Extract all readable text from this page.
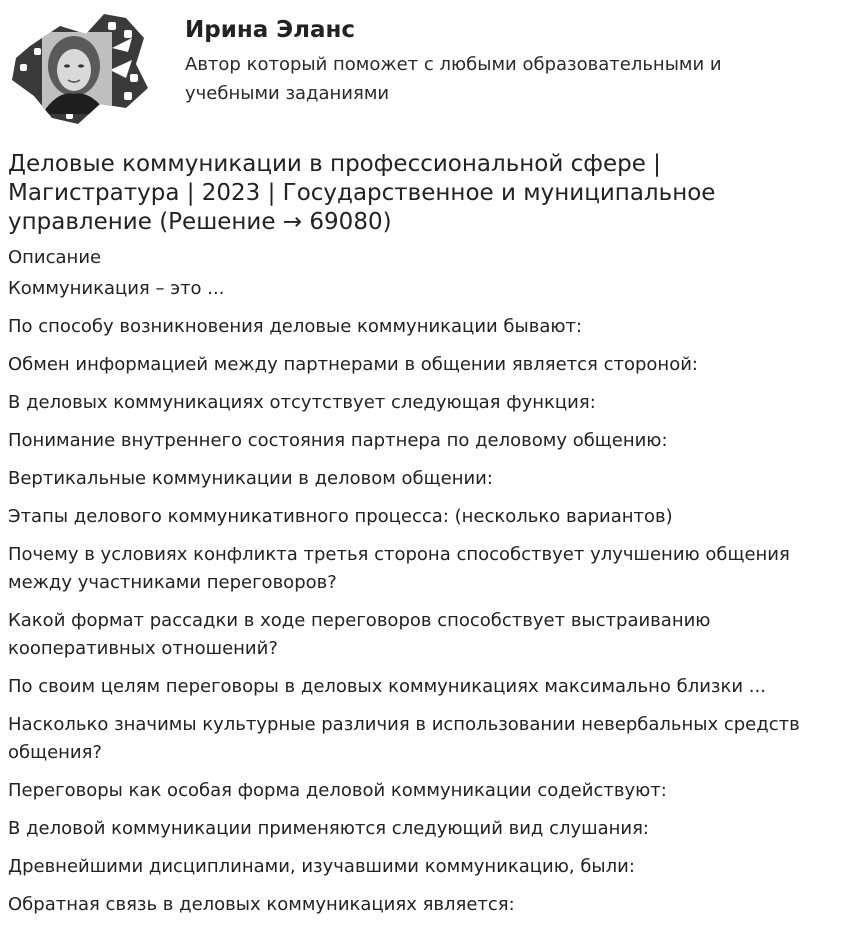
Ирина Эланс
Автор который поможет с любыми образовательными и учебными заданиями
Деловые коммуникации в профессиональной сфере | Магистратура | 2023 | Государственное и муниципальное управление (Решение → 69080)
Описание
Коммуникация – это ...
По способу возникновения деловые коммуникации бывают:
Обмен информацией между партнерами в общении является стороной:
В деловых коммуникациях отсутствует следующая функция:
Понимание внутреннего состояния партнера по деловому общению:
Вертикальные коммуникации в деловом общении:
Этапы делового коммуникативного процесса: (несколько вариантов)
Почему в условиях конфликта третья сторона способствует улучшению общения между участниками переговоров?
Какой формат рассадки в ходе переговоров способствует выстраиванию кооперативных отношений?
По своим целям переговоры в деловых коммуникациях максимально близки ...
Насколько значимы культурные различия в использовании невербальных средств общения?
Переговоры как особая форма деловой коммуникации содействуют:
В деловой коммуникации применяются следующий вид слушания:
Древнейшими дисциплинами, изучавшими коммуникацию, были:
Обратная связь в деловых коммуникациях является:
